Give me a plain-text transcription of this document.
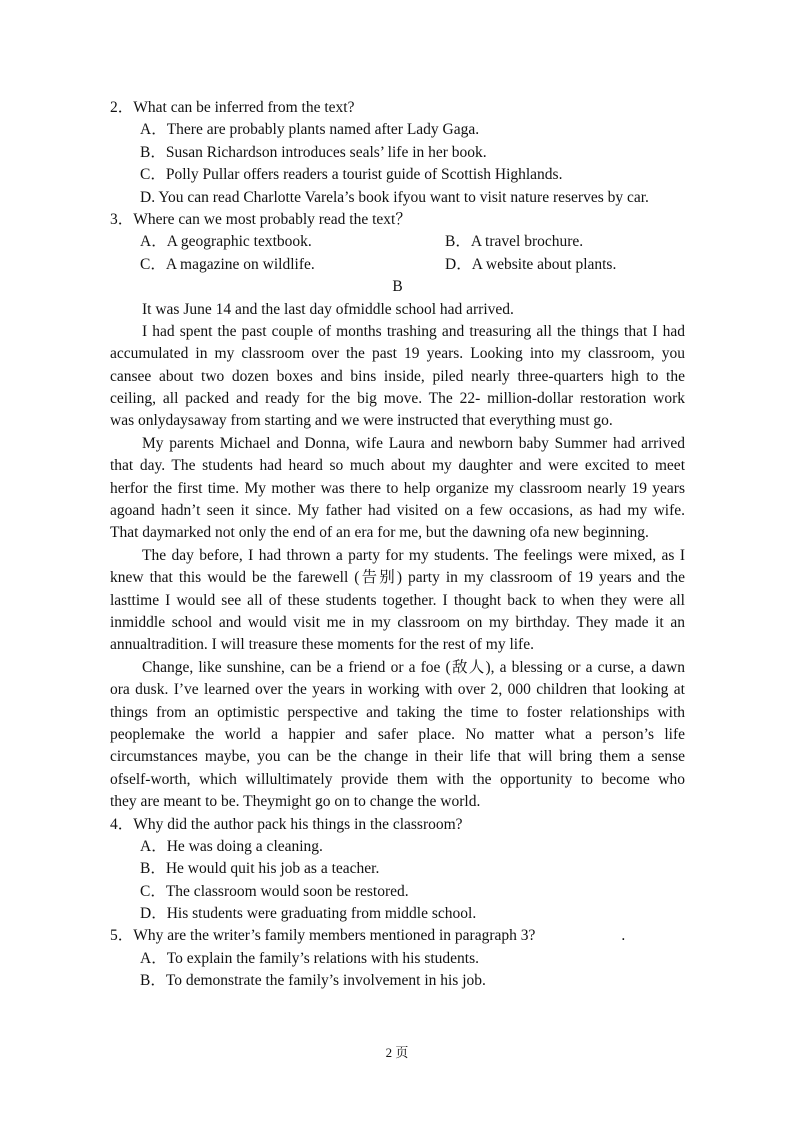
2．What can be inferred from the text?
A．There are probably plants named after Lady Gaga.
B．Susan Richardson introduces seals’ life in her book.
C．Polly Pullar offers readers a tourist guide of Scottish Highlands.
D. You can read Charlotte Varela’s book ifyou want to visit nature reserves by car.
3．Where can we most probably read the text？
A．A geographic textbook.	B．A travel brochure.
C．A magazine on wildlife.	D．A website about plants.
B
It was June 14 and the last day ofmiddle school had arrived.
I had spent the past couple of months trashing and treasuring all the things that I had
accumulated in my classroom over the past 19 years. Looking into my classroom, you
cansee about two dozen boxes and bins inside, piled nearly three-quarters high to the
ceiling, all packed and ready for the big move. The 22- million-dollar restoration work
was onlydaysaway from starting and we were instructed that everything must go.
My parents Michael and Donna, wife Laura and newborn baby Summer had arrived
that day. The students had heard so much about my daughter and were excited to meet
herfor the first time. My mother was there to help organize my classroom nearly 19 years
agoand hadn’t seen it since. My father had visited on a few occasions, as had my wife.
That daymarked not only the end of an era for me, but the dawning ofa new beginning.
The day before, I had thrown a party for my students. The feelings were mixed, as I
knew that this would be the farewell (告别) party in my classroom of 19 years and the
lasttime I would see all of these students together. I thought back to when they were all
inmiddle school and would visit me in my classroom on my birthday. They made it an
annualtradition. I will treasure these moments for the rest of my life.
Change, like sunshine, can be a friend or a foe (敌人), a blessing or a curse, a dawn
ora dusk. I’ve learned over the years in working with over 2, 000 children that looking at
things from an optimistic perspective and taking the time to foster relationships with
peoplemake the world a happier and safer place. No matter what a person’s life
circumstances maybe, you can be the change in their life that will bring them a sense
ofself-worth, which willultimately provide them with the opportunity to become who
they are meant to be. Theymight go on to change the world.
4．Why did the author pack his things in the classroom?
A．He was doing a cleaning.
B．He would quit his job as a teacher.
C．The classroom would soon be restored.
D．His students were graduating from middle school.
5．Why are the writer’s family members mentioned in paragraph 3?	.
A．To explain the family’s relations with his students.
B．To demonstrate the family’s involvement in his job.
2 页
